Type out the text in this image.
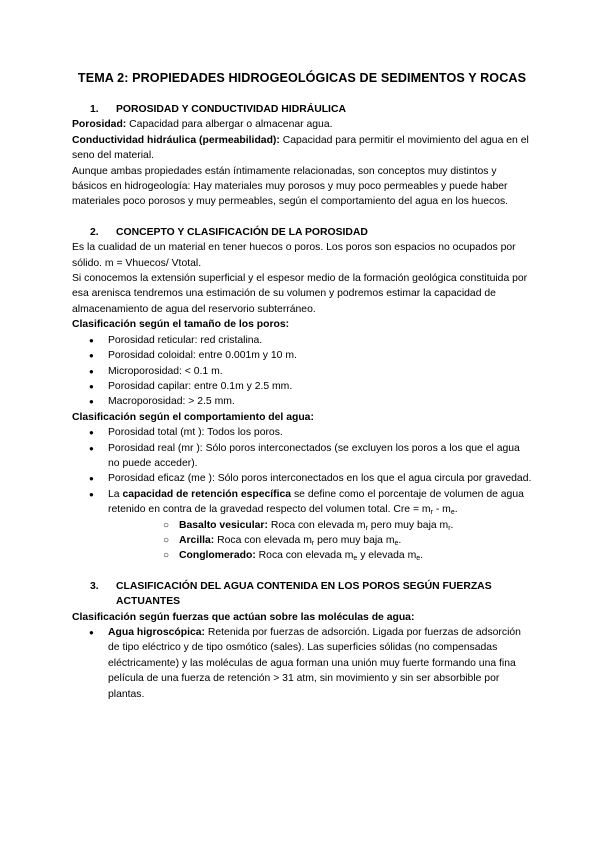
TEMA 2: PROPIEDADES HIDROGEOLÓGICAS DE SEDIMENTOS Y ROCAS
1. POROSIDAD Y CONDUCTIVIDAD HIDRÁULICA

Porosidad: Capacidad para albergar o almacenar agua.

Conductividad hidráulica (permeabilidad): Capacidad para permitir el movimiento del agua en el seno del material.

Aunque ambas propiedades están íntimamente relacionadas, son conceptos muy distintos y básicos en hidrogeología: Hay materiales muy porosos y muy poco permeables y puede haber materiales poco porosos y muy permeables, según el comportamiento del agua en los huecos.

2. CONCEPTO Y CLASIFICACIÓN DE LA POROSIDAD

Es la cualidad de un material en tener huecos o poros. Los poros son espacios no ocupados por sólido. m = Vhuecos/ Vtotal.

Si conocemos la extensión superficial y el espesor medio de la formación geológica constituida por esa arenisca tendremos una estimación de su volumen y podremos estimar la capacidad de almacenamiento de agua del reservorio subterráneo.

Clasificación según el tamaño de los poros:

● Porosidad reticular: red cristalina.
● Porosidad coloidal: entre 0.001m y 10 m.
● Microporosidad: < 0.1 m.
● Porosidad capilar: entre 0.1m y 2.5 mm.
● Macroporosidad: > 2.5 mm.

Clasificación según el comportamiento del agua:

● Porosidad total (mt ): Todos los poros.
● Porosidad real (mr ): Sólo poros interconectados (se excluyen los poros a los que el agua no puede acceder).
● Porosidad eficaz (me ): Sólo poros interconectados en los que el agua circula por gravedad.
● La capacidad de retención específica se define como el porcentaje de volumen de agua retenido en contra de la gravedad respecto del volumen total. Cre = $m_r - m_e$.
○ Basalto vesicular: Roca con elevada $m_r$ pero muy baja $m_r$.
○ Arcilla: Roca con elevada $m_r$ pero muy baja $m_e$.
○ Conglomerado: Roca con elevada $m_e$ y elevada $m_e$.
3. CLASIFICACIÓN DEL AGUA CONTENIDA EN LOS POROS SEGÚN FUERZAS ACTUANTES

Clasificación según fuerzas que actúan sobre las moléculas de agua:

● Agua higroscópica: Retenida por fuerzas de adsorción. Ligada por fuerzas de adsorción de tipo eléctrico y de tipo osmótico (sales). Las superficies sólidas (no compensadas eléctricamente) y las moléculas de agua forman una unión muy fuerte formando una fina película de una fuerza de retención > 31 atm, sin movimiento y sin ser absorbible por plantas.
